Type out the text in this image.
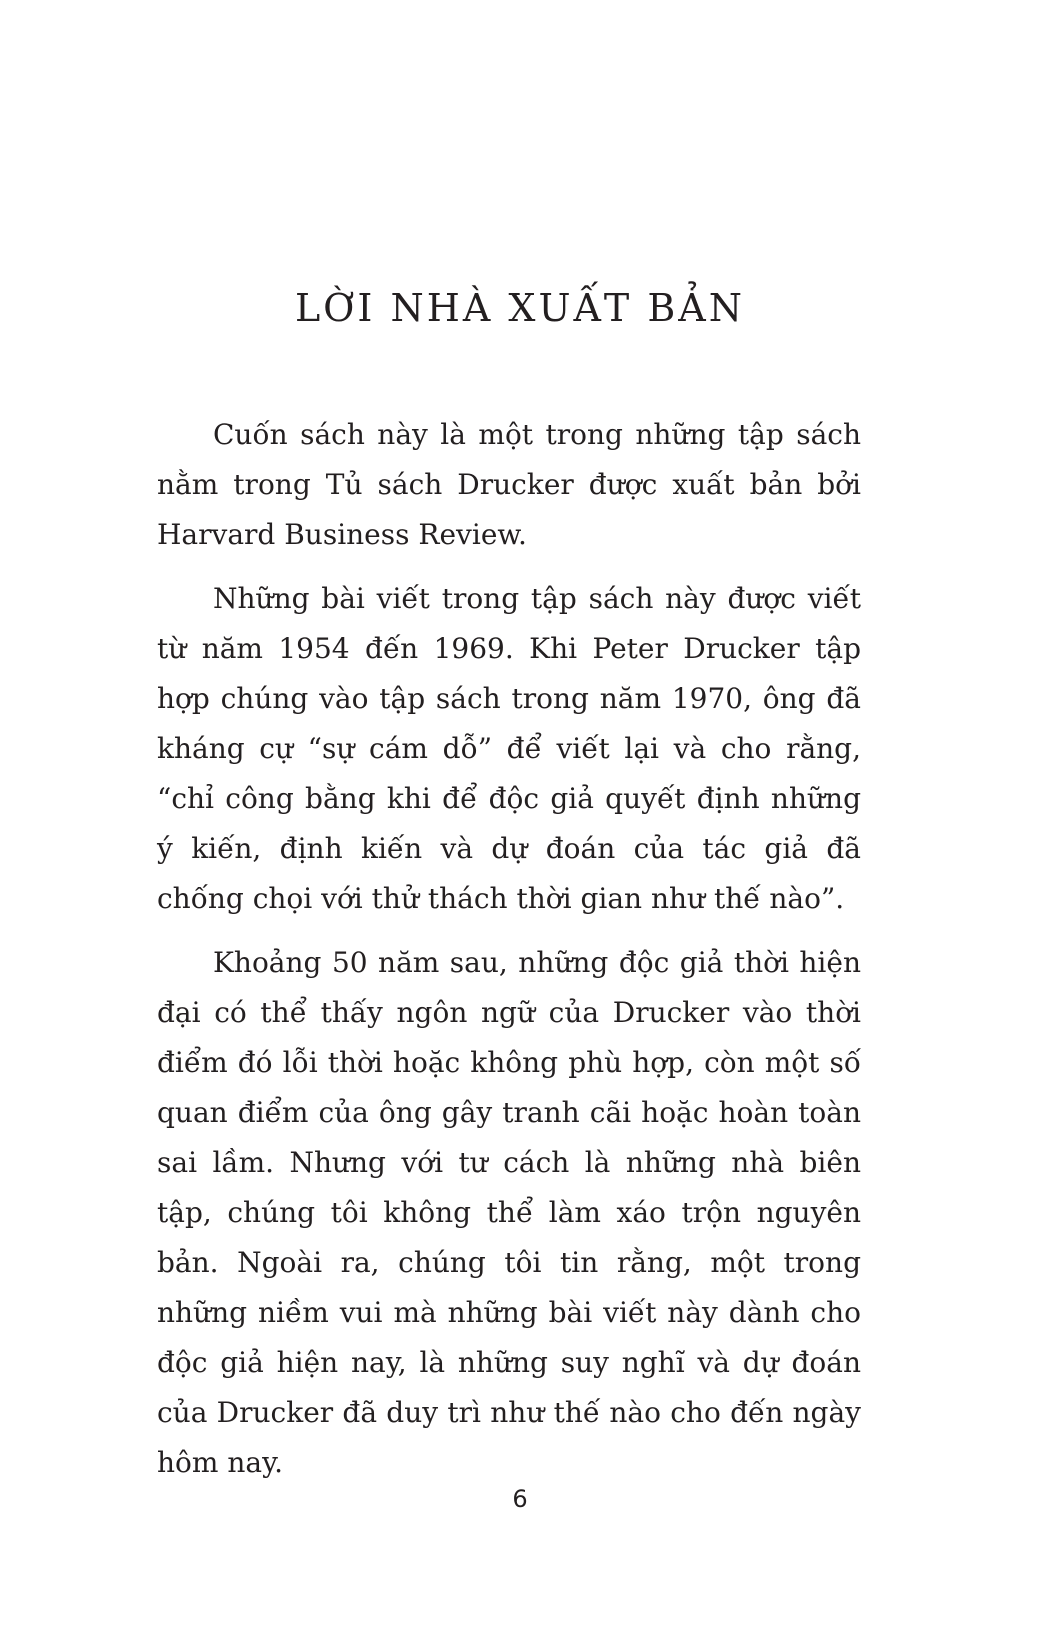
LỜI NHÀ XUẤT BẢN

Cuốn sách này là một trong những tập sách nằm trong Tủ sách Drucker được xuất bản bởi Harvard Business Review.

Những bài viết trong tập sách này được viết từ năm 1954 đến 1969. Khi Peter Drucker tập hợp chúng vào tập sách trong năm 1970, ông đã kháng cự “sự cám dỗ” để viết lại và cho rằng, “chỉ công bằng khi để độc giả quyết định những ý kiến, định kiến và dự đoán của tác giả đã chống chọi với thử thách thời gian như thế nào”.

Khoảng 50 năm sau, những độc giả thời hiện đại có thể thấy ngôn ngữ của Drucker vào thời điểm đó lỗi thời hoặc không phù hợp, còn một số quan điểm của ông gây tranh cãi hoặc hoàn toàn sai lầm. Nhưng với tư cách là những nhà biên tập, chúng tôi không thể làm xáo trộn nguyên bản. Ngoài ra, chúng tôi tin rằng, một trong những niềm vui mà những bài viết này dành cho độc giả hiện nay, là những suy nghĩ và dự đoán của Drucker đã duy trì như thế nào cho đến ngày hôm nay.

6
